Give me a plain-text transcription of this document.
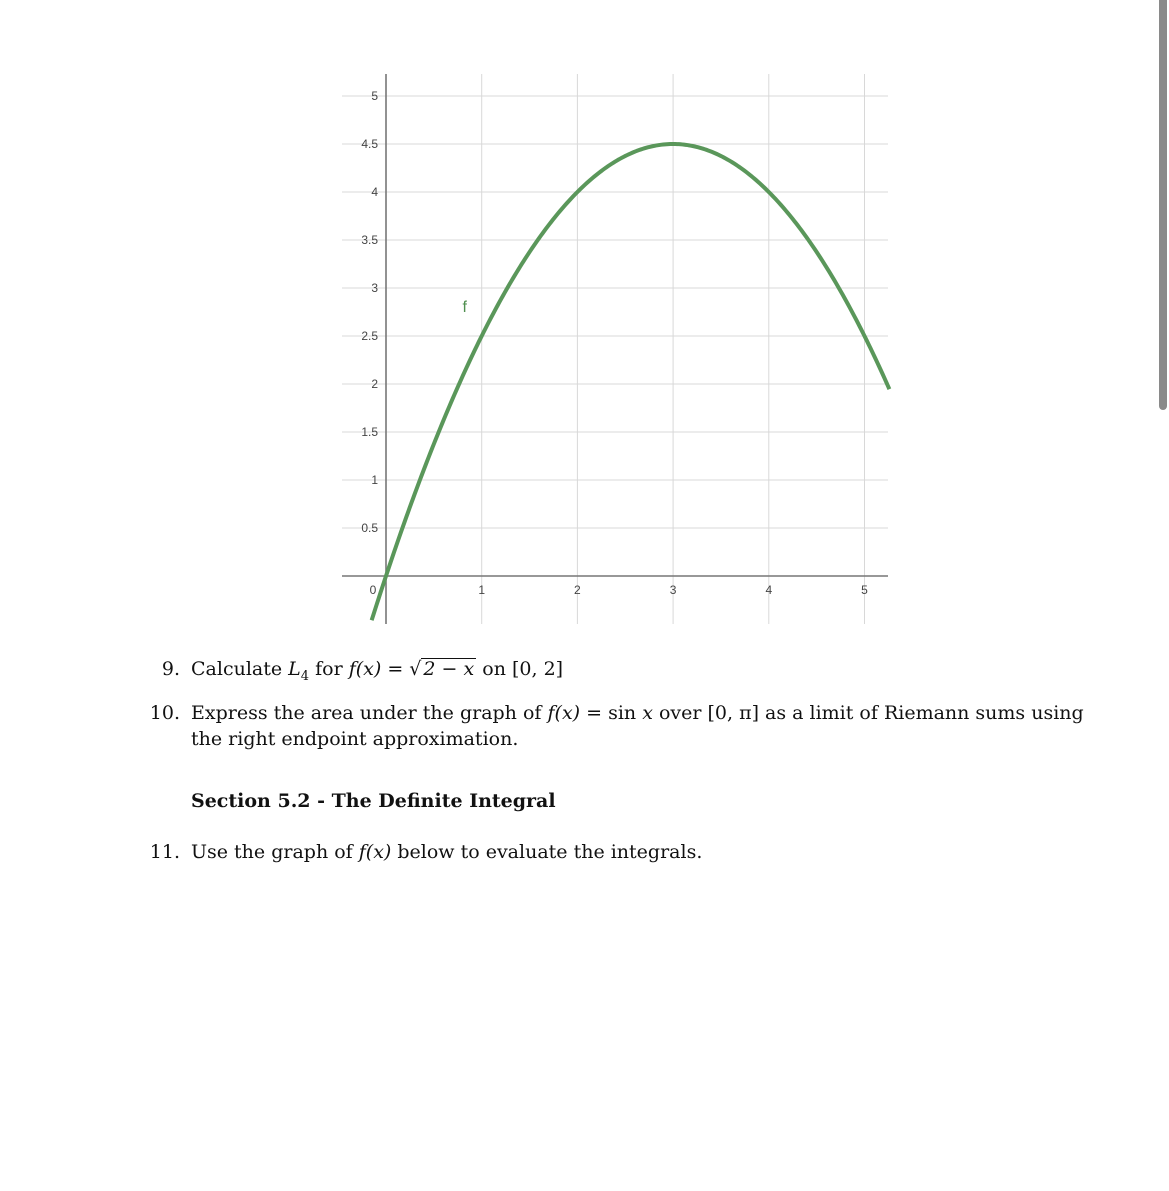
0.5
1
1.5
2
2.5
3
3.5
4
4.5
5
0	1	2	3	4	5
f
9. Calculate $L_4$ for f(x) = √ 2 − x on [0, 2]
10. Express the area under the graph of f(x) = sin x over [0, π] as a limit of Riemann sums using
the right endpoint approximation.
Section 5.2 - The Definite Integral
11. Use the graph of f(x) below to evaluate the integrals.
